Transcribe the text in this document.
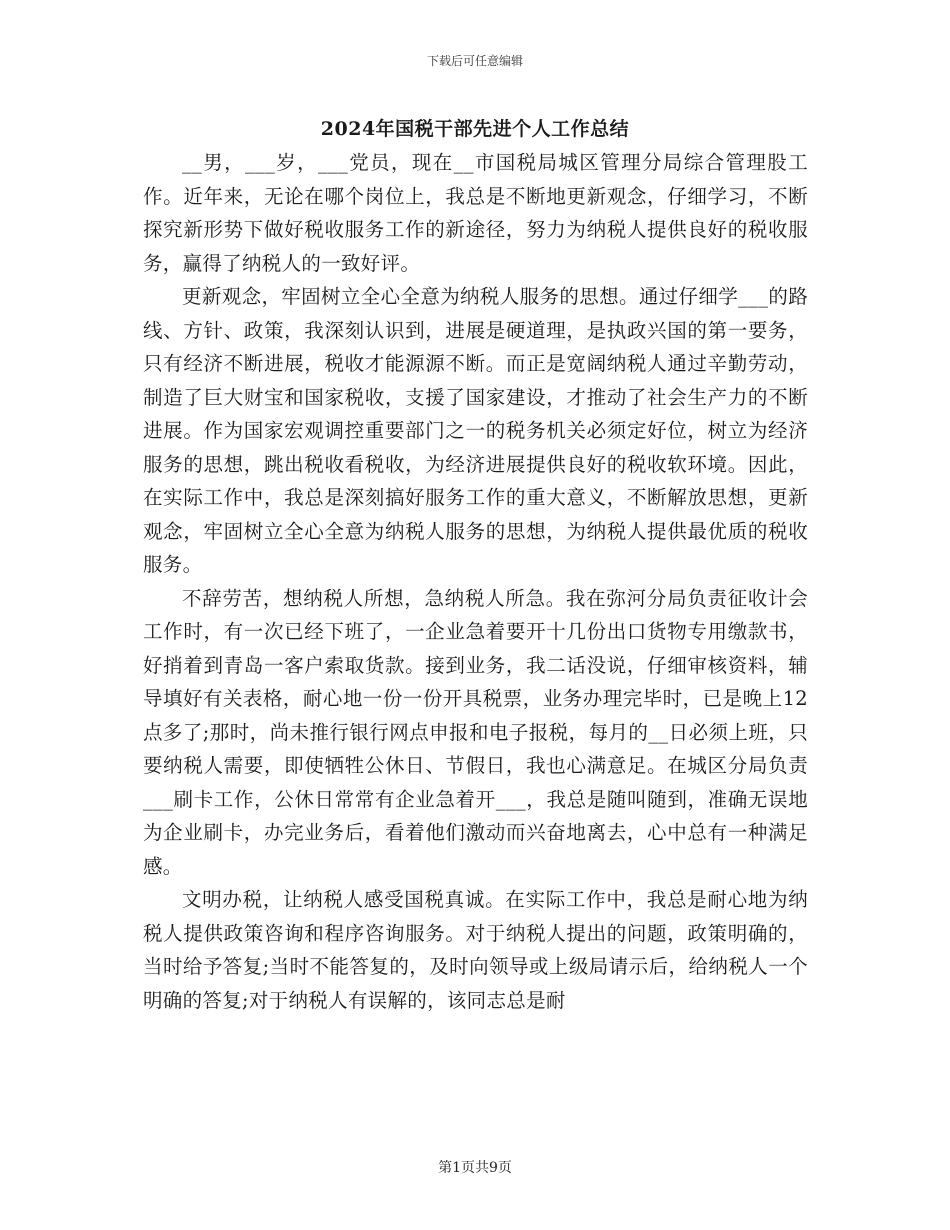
下载后可任意编辑
2024年国税干部先进个人工作总结

__男，___岁，___党员，现在__市国税局城区管理分局综合管理股工作。近年来，无论在哪个岗位上，我总是不断地更新观念，仔细学习，不断探究新形势下做好税收服务工作的新途径，努力为纳税人提供良好的税收服务，赢得了纳税人的一致好评。

更新观念，牢固树立全心全意为纳税人服务的思想。通过仔细学___的路线、方针、政策，我深刻认识到，进展是硬道理，是执政兴国的第一要务，只有经济不断进展，税收才能源源不断。而正是宽阔纳税人通过辛勤劳动，制造了巨大财宝和国家税收，支援了国家建设，才推动了社会生产力的不断进展。作为国家宏观调控重要部门之一的税务机关必须定好位，树立为经济服务的思想，跳出税收看税收，为经济进展提供良好的税收软环境。因此，在实际工作中，我总是深刻搞好服务工作的重大意义，不断解放思想，更新观念，牢固树立全心全意为纳税人服务的思想，为纳税人提供最优质的税收服务。

不辞劳苦，想纳税人所想，急纳税人所急。我在弥河分局负责征收计会工作时，有一次已经下班了，一企业急着要开十几份出口货物专用缴款书，好捎着到青岛一客户索取货款。接到业务，我二话没说，仔细审核资料，辅导填好有关表格，耐心地一份一份开具税票，业务办理完毕时，已是晚上12点多了;那时，尚未推行银行网点申报和电子报税，每月的__日必须上班，只要纳税人需要，即使牺牲公休日、节假日，我也心满意足。在城区分局负责___刷卡工作，公休日常常有企业急着开___，我总是随叫随到，准确无误地为企业刷卡，办完业务后，看着他们激动而兴奋地离去，心中总有一种满足感。

文明办税，让纳税人感受国税真诚。在实际工作中，我总是耐心地为纳税人提供政策咨询和程序咨询服务。对于纳税人提出的问题，政策明确的，当时给予答复;当时不能答复的，及时向领导或上级局请示后，给纳税人一个明确的答复;对于纳税人有误解的，该同志总是耐

第1页共9页
